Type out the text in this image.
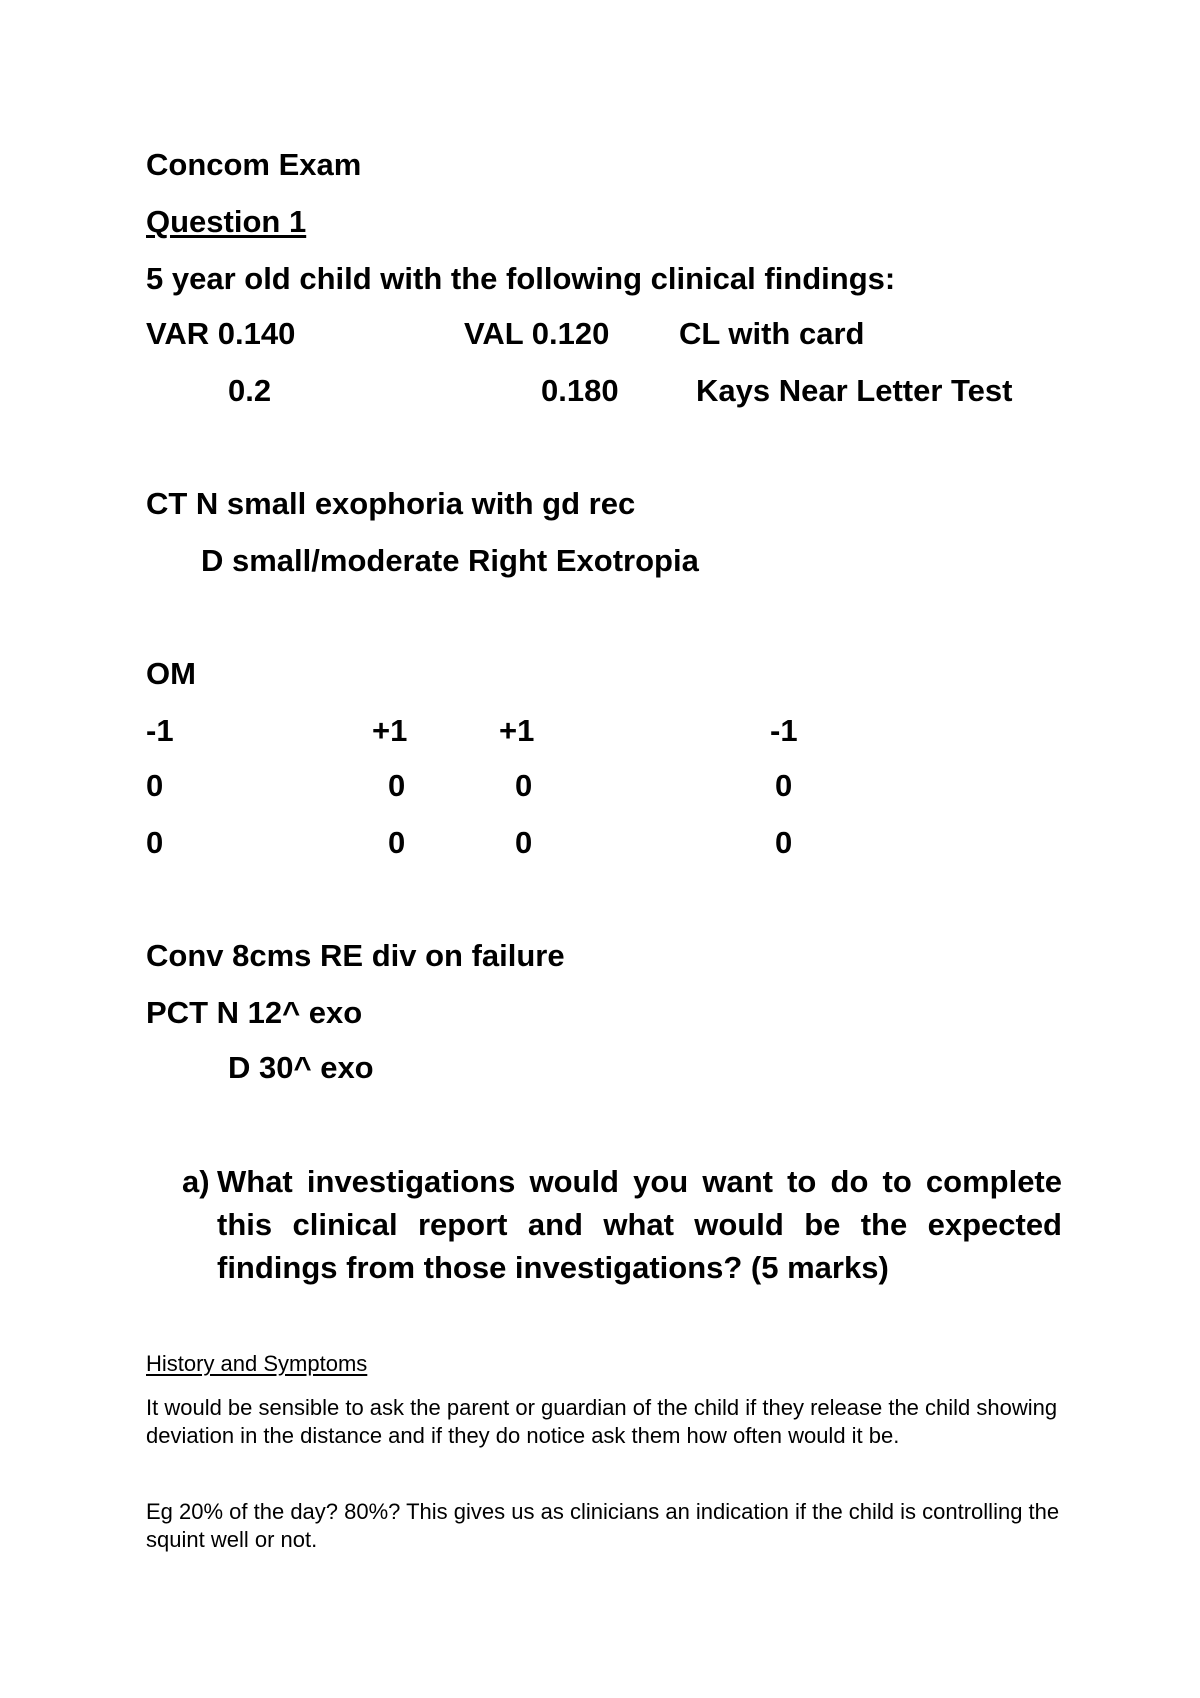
Concom Exam
Question 1
5 year old child with the following clinical findings:
VAR 0.140	VAL 0.120 CL with card
0.2	0.180 Kays Near Letter Test
CT N small exophoria with gd rec
D small/moderate Right Exotropia
OM
-1	+1	+1	-1
0	0	0	0
0	0	0	0
Conv 8cms RE div on failure
PCT N 12^ exo
D 30^ exo
a) What investigations would you want to do to complete this clinical report and what would be the expected findings from those investigations? (5 marks)
History and Symptoms
It would be sensible to ask the parent or guardian of the child if they release the child showing deviation in the distance and if they do notice ask them how often would it be.
Eg 20% of the day? 80%? This gives us as clinicians an indication if the child is controlling the squint well or not.
